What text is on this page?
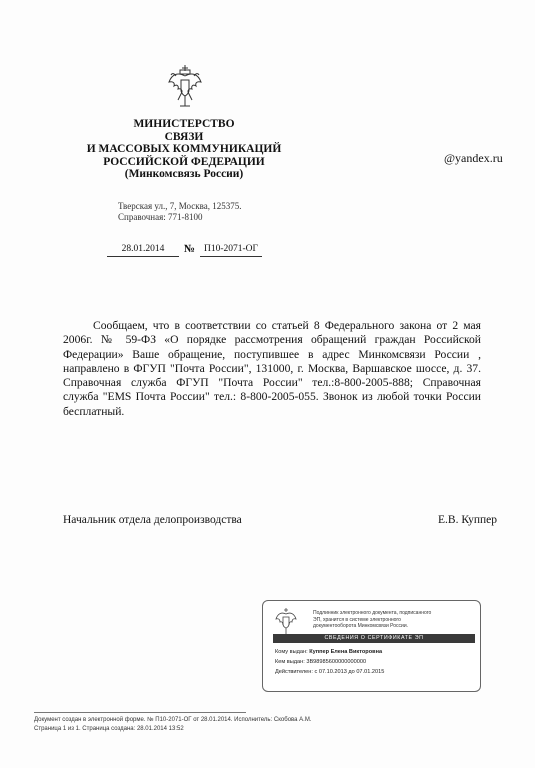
МИНИСТЕРСТВО
СВЯЗИ
И МАССОВЫХ КОММУНИКАЦИЙ
РОССИЙСКОЙ ФЕДЕРАЦИИ
(Минкомсвязь России)
@yandex.ru
Тверская ул., 7, Москва, 125375.
Справочная: 771-8100
28.01.2014	№ П10-2071-ОГ
Сообщаем, что в соответствии со статьей 8 Федерального закона от 2 мая
2006г. № 59-ФЗ «О порядке рассмотрения обращений граждан Российской
Федерации» Ваше обращение, поступившее в адрес Минкомсвязи России ,
направлено в ФГУП "Почта России", 131000, г. Москва, Варшавское шоссе, д. 37.
Справочная служба ФГУП "Почта России" тел.:8-800-2005-888; Справочная
служба "EMS Почта России" тел.: 8-800-2005-055. Звонок из любой точки России
бесплатный.
Начальник отдела делопроизводства	Е.В. Куппер
Подлинник электронного документа, подписанного
ЭП, хранится в системе электронного
документооборота Минкомсвязи России.
СВЕДЕНИЯ О СЕРТИФИКАТЕ ЭП
Кому выдан: Куппер Елена Викторовна
Кем выдан: 3B98985600000000000
Действителен: с 07.10.2013 до 07.01.2015
Документ создан в электронной форме. № П10-2071-ОГ от 28.01.2014. Исполнитель: Скобова А.М.
Страница 1 из 1. Страница создана: 28.01.2014 13:52
